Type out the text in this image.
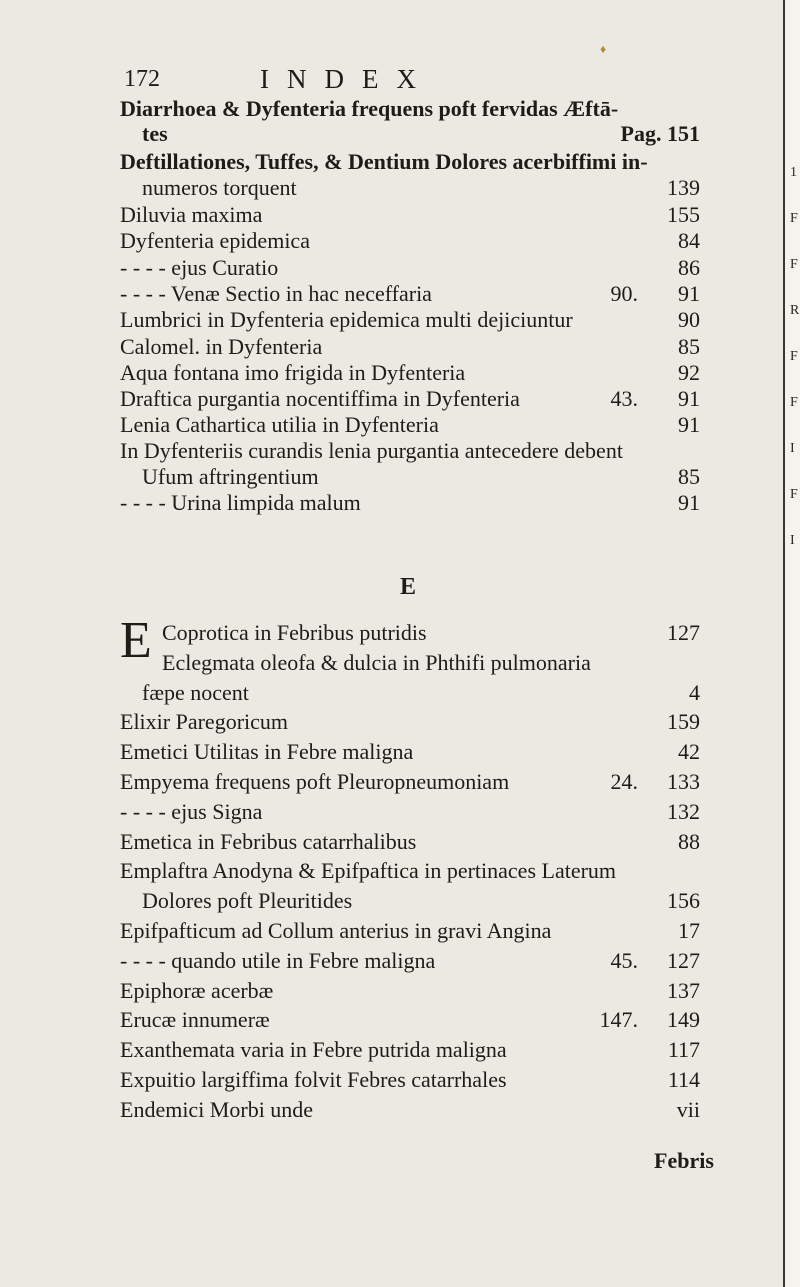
♦
172	INDEX
Diarrhoea & Dyfenteria frequens poft fervidas Æftā-
tes	Pag. 151
Deftillationes, Tuffes, & Dentium Dolores acerbiffimi in-
numeros torquent	139
Diluvia maxima	155
Dyfenteria epidemica	84
- - - - ejus Curatio	86
- - - - Venæ Sectio in hac neceffaria	90. 91
Lumbrici in Dyfenteria epidemica multi dejiciuntur	90
Calomel. in Dyfenteria	85
Aqua fontana imo frigida in Dyfenteria	92
Draftica purgantia nocentiffima in Dyfenteria	43. 91
Lenia Cathartica utilia in Dyfenteria	91
In Dyfenteriis curandis lenia purgantia antecedere debent
Ufum aftringentium	85
- - - - Urina limpida malum	91
E
E Coprotica in Febribus putridis	127
Eclegmata oleofa & dulcia in Phthifi pulmonaria
fæpe nocent	4
Elixir Paregoricum	159
Emetici Utilitas in Febre maligna	42
Empyema frequens poft Pleuropneumoniam	24. 133
- - - - ejus Signa	132
Emetica in Febribus catarrhalibus	88
Emplaftra Anodyna & Epifpaftica in pertinaces Laterum
Dolores poft Pleuritides	156
Epifpafticum ad Collum anterius in gravi Angina	17
- - - - quando utile in Febre maligna	45. 127
Epiphoræ acerbæ	137
Erucæ innumeræ	147. 149
Exanthemata varia in Febre putrida maligna	117
Expuitio largiffima folvit Febres catarrhales	114
Endemici Morbi unde	vii
Febris
1
F
F
R
F
F
I
F
I
